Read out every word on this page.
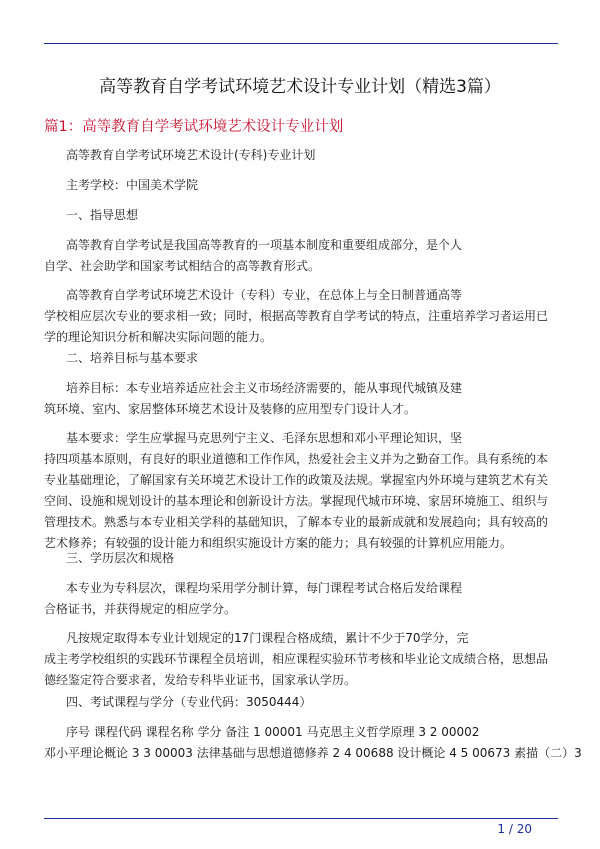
高等教育自学考试环境艺术设计专业计划（精选3篇）
篇1：高等教育自学考试环境艺术设计专业计划
高等教育自学考试环境艺术设计(专科)专业计划
主考学校：中国美术学院
一、指导思想
高等教育自学考试是我国高等教育的一项基本制度和重要组成部分，是个人
自学、社会助学和国家考试相结合的高等教育形式。
高等教育自学考试环境艺术设计（专科）专业，在总体上与全日制普通高等
学校相应层次专业的要求相一致；同时，根据高等教育自学考试的特点，注重培养学习者运用已
学的理论知识分析和解决实际问题的能力。
二、培养目标与基本要求
培养目标：本专业培养适应社会主义市场经济需要的，能从事现代城镇及建
筑环境、室内、家居整体环境艺术设计及装修的应用型专门设计人才。
基本要求：学生应掌握马克思列宁主义、毛泽东思想和邓小平理论知识，坚
持四项基本原则，有良好的职业道德和工作作风，热爱社会主义并为之勤奋工作。具有系统的本
专业基础理论，了解国家有关环境艺术设计工作的政策及法规。掌握室内外环境与建筑艺术有关
空间、设施和规划设计的基本理论和创新设计方法。掌握现代城市环境、家居环境施工、组织与
管理技术。熟悉与本专业相关学科的基础知识，了解本专业的最新成就和发展趋向；具有较高的
艺术修养；有较强的设计能力和组织实施设计方案的能力；具有较强的计算机应用能力。
三、学历层次和规格
本专业为专科层次，课程均采用学分制计算，每门课程考试合格后发给课程
合格证书，并获得规定的相应学分。
凡按规定取得本专业计划规定的17门课程合格成绩，累计不少于70学分，完
成主考学校组织的实践环节课程全员培训，相应课程实验环节考核和毕业论文成绩合格，思想品
德经鉴定符合要求者，发给专科毕业证书，国家承认学历。
四、考试课程与学分（专业代码：3050444）
序号 课程代码 课程名称 学分 备注 1 00001 马克思主义哲学原理 3 2 00002
邓小平理论概论 3 3 00003 法律基础与思想道德修养 2 4 00688 设计概论 4 5 00673 素描（二）3
1 / 20
